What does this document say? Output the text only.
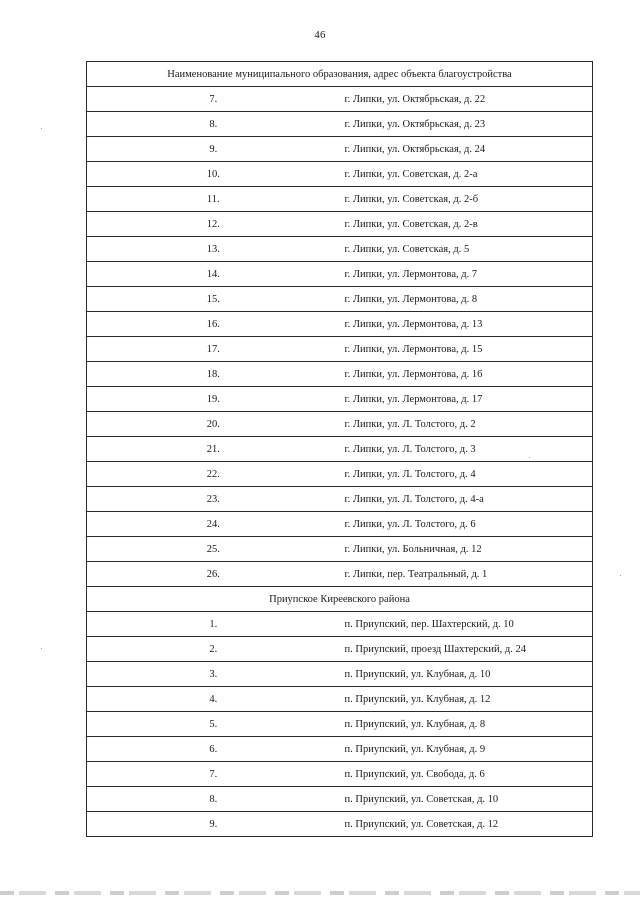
46
Наименование муниципального образования, адрес объекта благоустройства	
7.	г. Липки, ул. Октябрьская, д. 22
8.	г. Липки, ул. Октябрьская, д. 23
9.	г. Липки, ул. Октябрьская, д. 24
10.	г. Липки, ул. Советская, д. 2-а
11.	г. Липки, ул. Советская, д. 2-б
12.	г. Липки, ул. Советская, д. 2-в
13.	г. Липки, ул. Советская, д. 5
14.	г. Липки, ул. Лермонтова, д. 7
15.	г. Липки, ул. Лермонтова, д. 8
16.	г. Липки, ул. Лермонтова, д. 13
17.	г. Липки, ул. Лермонтова, д. 15
18.	г. Липки, ул. Лермонтова, д. 16
19.	г. Липки, ул. Лермонтова, д. 17
20.	г. Липки, ул. Л. Толстого, д. 2
21.	г. Липки, ул. Л. Толстого, д. 3
22.	г. Липки, ул. Л. Толстого, д. 4
23.	г. Липки, ул. Л. Толстого, д. 4-а
24.	г. Липки, ул. Л. Толстого, д. 6
25.	г. Липки, ул. Больничная, д. 12
26.	г. Липки, пер. Театральный, д. 1
Приупское Киреевского района	
1.	п. Приупский, пер. Шахтерский, д. 10
2.	п. Приупский, проезд Шахтерский, д. 24
3.	п. Приупский, ул. Клубная, д. 10
4.	п. Приупский, ул. Клубная, д. 12
5.	п. Приупский, ул. Клубная, д. 8
6.	п. Приупский, ул. Клубная, д. 9
7.	п. Приупский, ул. Свобода, д. 6
8.	п. Приупский, ул. Советская, д. 10
9.	п. Приупский, ул. Советская, д. 12
